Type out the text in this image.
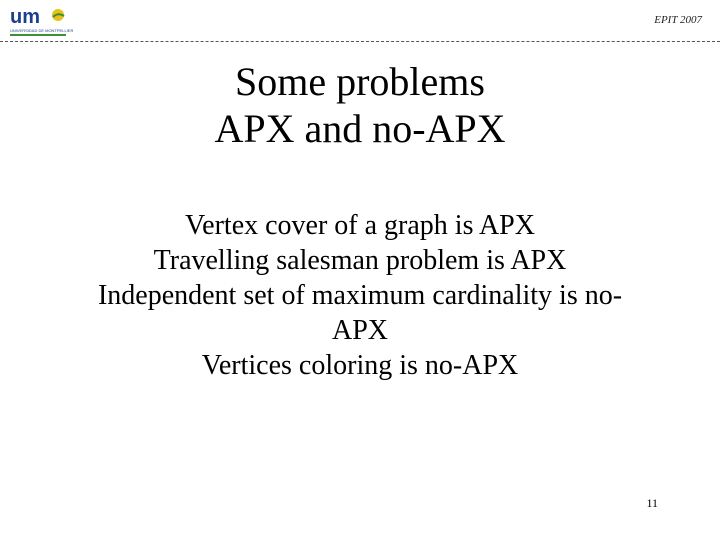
um
UNIVERSIDAD DE MONTPELLIER
EPIT 2007
Some problems
APX and no-APX
Vertex cover of a graph is APX
Travelling salesman problem is APX
Independent set of maximum cardinality is no-
APX
Vertices coloring is no-APX
11
